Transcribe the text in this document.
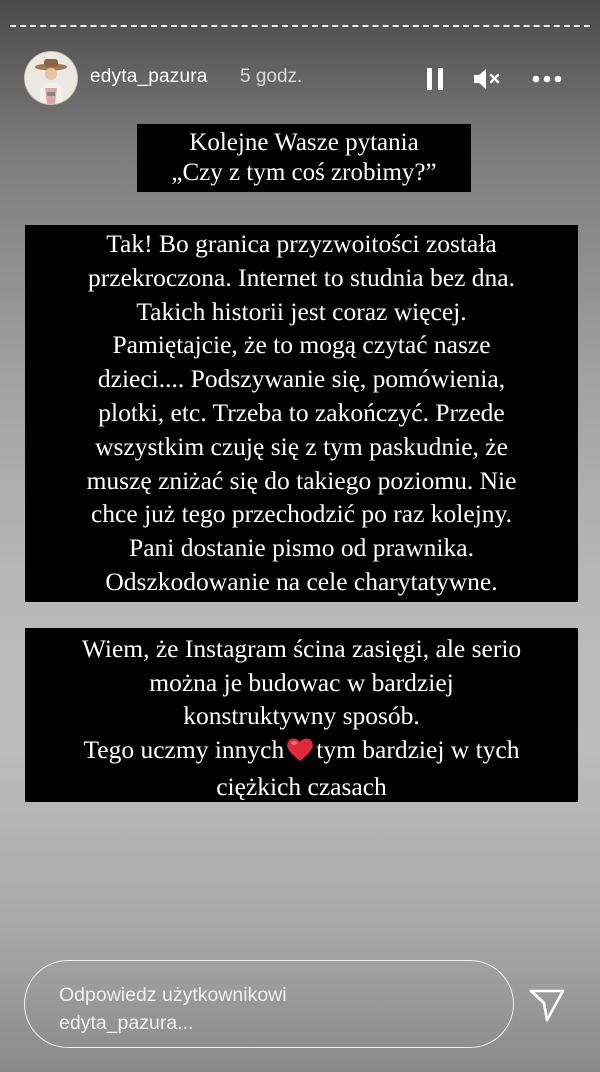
edyta_pazura 5 godz.
Kolejne Wasze pytania
„Czy z tym coś zrobimy?”
Tak! Bo granica przyzwoitości została
przekroczona. Internet to studnia bez dna.
Takich historii jest coraz więcej.
Pamiętajcie, że to mogą czytać nasze
dzieci.... Podszywanie się, pomówienia,
plotki, etc. Trzeba to zakończyć. Przede
wszystkim czuję się z tym paskudnie, że
muszę zniżać się do takiego poziomu. Nie
chce już tego przechodzić po raz kolejny.
Pani dostanie pismo od prawnika.
Odszkodowanie na cele charytatywne.
Wiem, że Instagram ścina zasięgi, ale serio
można je budowac w bardziej
konstruktywny sposób.
Tego uczmy innych tym bardziej w tych
ciężkich czasach
Odpowiedz użytkownikowi
edyta_pazura...
